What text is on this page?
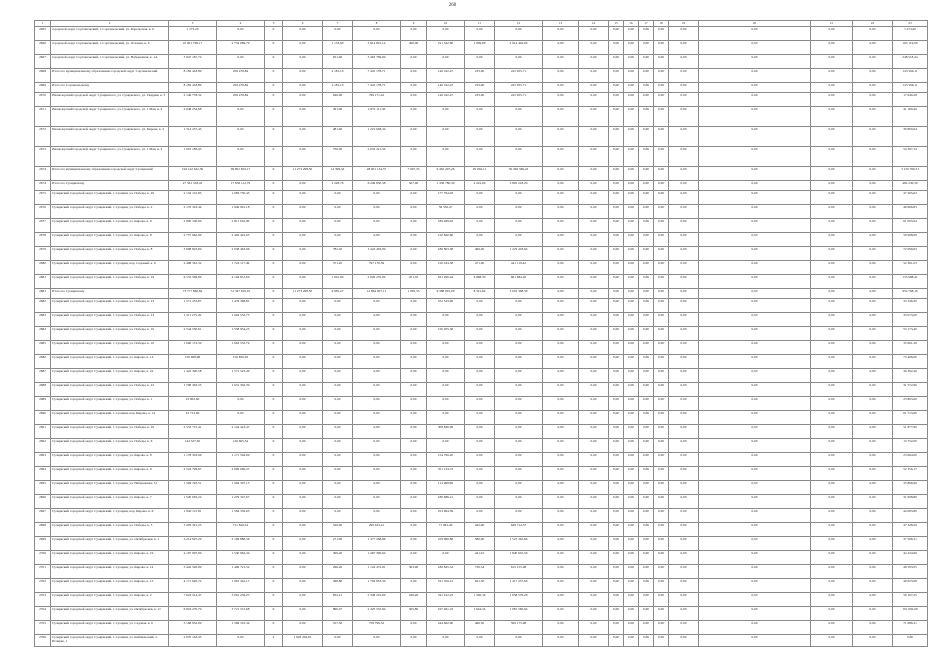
260
1	2	3	4	5	6	7	8	9	10	11	12	13	14	15	16	17	18	19	20	21	22	23
2665	городской округ Сортавальский, г. Сортавальский, ул. Карельская, к. 6	1 273,20	0,00	0	0,00	0,00	0,00	0,00	0,00	0,00	0,00	0,00	0,00	0,00	0,00	0,00	0,00	0,00	0,00	0,00	0,00	1 273,20
2666	городской округ Сортавальский, г. Сортавальский, ул. Отечная, к. 6	10 601 796,17	2 734 069,79	0	0,00	1 153,90	3 914 801,14	496,00	191 342,60	1 609,00	2 914 402,00	0,00	0,00	0,00	0,00	0,00	0,00	0,00	0,00	0,00	0,00	165 119,00
2667	городской округ Сортавальский, г. Сортавальский, ул. Набережная, к. 1А	3 947 167,72	0,00	0	0,00	951,00	3 463 769,69	0,00	0,00	0,00	0,00	0,00	0,00	0,00	0,00	0,00	0,00	0,00	0,00	0,00	0,00	248 518,24
2668	Итого по муниципальному образованию городской округ Сортавальский	8 182 418,89	256 479,84	0	0,00	2 181,10	7 422 178,71	0,00	146 162,47	233,00	222 955,71	0,00	0,00	0,00	0,00	0,00	0,00	0,00	0,00	0,00	0,00	143 566,11
2669	Итого по Сортавальскому	8 182 418,89	256 479,84	0	0,00	2 181,10	7 422 178,71	0,00	146 162,47	233,00	222 955,71	0,00	0,00	0,00	0,00	0,00	0,00	0,00	0,00	0,00	0,00	143 566,11
2670	Пиляозерский городской округ Суоярвского, ул. Суоярвского, ул. Гвардия, к. 3	2 146 778,32	256 479,84	0	0,00	940,00	799 171,42	0,00	146 162,47	233,00	222 955,71	0,00	0,00	0,00	0,00	0,00	0,00	0,00	0,00	0,00	0,00	17 649,28
2671	Пиляозерский городской округ Суоярвского, ул. Суоярвского, ул. 1 Мая, к. 2	2 048 254,68	0,00	0	0,00	391,90	2 972 111,30	0,00	0,00	0,00	0,00	0,00	0,00	0,00	0,00	0,00	0,00	0,00	0,00	0,00	0,00	41 189,40
2672	Пиляозерский городской округ Суоярвского, ул. Суоярвского, ул. Кирова, к. 5	1 314 237,43	0,00	0	0,00	481,00	1 219 048,34	0,00	0,00	0,00	0,00	0,00	0,00	0,00	0,00	0,00	0,00	0,00	0,00	0,00	0,00	30 800,64
2673	Пиляозерский городской округ Суоярвского, ул. Суоярвского, ул. 1 Мая, к. 3	1 091 185,43	0,00	0	0,00	756,00	2 032 221,34	0,00	0,00	0,00	0,00	0,00	0,00	0,00	0,00	0,00	0,00	0,00	0,00	0,00	0,00	54 367,34
2674	Итого по муниципальному образованию городской округ Суоярвский	194 142 622,39	99 891 602,17	0	11 273 298,50	14 399,34	48 601 134,57	7 097,35	9 481 297,26	29 902,11	30 269 369,22	0,00	0,00	0,00	0,00	0,00	0,00	0,00	0,00	0,00	0,00	3 150 766,31
2674	Итого по Суоярвскому	27 561 318,43	17 856 112,79	0	0,00	2 228,76	6 249 850,38	507,00	1 456 780,39	2 222,00	3 895 218,20	0,00	0,00	0,00	0,00	0,00	0,00	0,00	0,00	0,00	0,00	482 230,59
2675	Суоярвский городской округ Суоярвский, г. Суоярви, ул. Победы, к. 20	2 134 101,83	1 083 730,45	0	0,00	0,00	0,00	0,00	177 794,92	0,00	0,00	0,00	0,00	0,00	0,00	0,00	0,00	0,00	0,00	0,00	0,00	47 265,02
2676	Суоярвский городской округ Суоярвский, г. Суоярви, ул. Победы, к. 2	2 170 343,44	1 949 991,18	0	0,00	0,00	0,00	0,00	39 550,47	0,00	0,00	0,00	0,00	0,00	0,00	0,00	0,00	0,00	0,00	0,00	0,00	46 666,83
2677	Суоярвский городской округ Суоярвский, г. Суоярви, ул. Кирова, к. 9	2 800 100,00	2 811 916,00	0	0,00	0,00	0,00	0,00	189 499,92	0,00	0,00	0,00	0,00	0,00	0,00	0,00	0,00	0,00	0,00	0,00	0,00	61 005,64
2678	Суоярвский городской округ Суоярвский, г. Суоярви, ул. Кирова, к. 8	2 757 962,90	2 493 422,65	0	0,00	0,00	0,00	0,00	150 840,60	0,00	0,00	0,00	0,00	0,00	0,00	0,00	0,00	0,00	0,00	0,00	0,00	59 998,09
2679	Суоярвский городской округ Суоярвский, г. Суоярви, ул. Победы, к. 8	3 098 823,69	2 038 463,96	0	0,00	782,20	1 424 403,09	0,00	186 803,38	496,00	1 225 418,64	0,00	0,00	0,00	0,00	0,00	0,00	0,00	0,00	0,00	0,00	72 099,63
2680	Суоярвский городской округ Суоярвский, г. Суоярви, пер. Садовый, к. 6	2 408 361,32	1 724 117,49	0	0,00	371,20	797 176,59	0,00	150 434,38	471,00	441 119,42	0,00	0,00	0,00	0,00	0,00	0,00	0,00	0,00	0,00	0,00	52 361,03
2681	Суоярвский городской округ Суоярвский, г. Суоярви, ул. Победы, к. 19	6 155 569,69	4 194 851,60	0	0,00	1 091,90	2 026 270,94	451,35	631 290,44	6 868,30	661 684,20	0,00	0,00	0,00	0,00	0,00	0,00	0,00	0,00	0,00	0,00	133 688,41
2681	Итого по Суоярвскому	73 777 866,84	51 347 816,10	0	11 273 298,50	9 965,27	12 864 907,11	1 095,35	9 388 091,09	8 321,84	3 016 368,39	0,00	0,00	0,00	0,00	0,00	0,00	0,00	0,00	0,00	0,00	954 768,19
2682	Суоярвский городской округ Суоярвский, г. Суоярви, ул. Победы, к. 23	1 571 253,87	1 479 398,81	0	0,00	0,00	0,00	0,00	102 543,96	0,00	0,00	0,00	0,00	0,00	0,00	0,00	0,00	0,00	0,00	0,00	0,00	33 346,30
2683	Суоярвский городской округ Суоярвский, г. Суоярви, ул. Победы, к. 14	1 511 275,20	1 604 532,75	0	0,00	0,00	0,00	0,00	0,00	0,00	0,00	0,00	0,00	0,00	0,00	0,00	0,00	0,00	0,00	0,00	0,00	33 073,00
2684	Суоярвский городской округ Суоярвский, г. Суоярви, ул. Победы, к. 10	2 544 550,61	1 558 954,25	0	0,00	0,00	0,00	0,00	150 205,36	0,00	0,00	0,00	0,00	0,00	0,00	0,00	0,00	0,00	0,00	0,00	0,00	53 173,40
2685	Суоярвский городской округ Суоярвский, г. Суоярви, ул. Победы, к. 10	1 600 172,50	1 663 555,74	0	0,00	0,00	0,00	0,00	0,00	0,00	0,00	0,00	0,00	0,00	0,00	0,00	0,00	0,00	0,00	0,00	0,00	35 601,30
2686	Суоярвский городской округ Суоярвский, г. Суоярви, ул. Кирова, к. 14	156 698,98	156 850,93	0	0,00	0,00	0,00	0,00	0,00	0,00	0,00	0,00	0,00	0,00	0,00	0,00	0,00	0,00	0,00	0,00	0,00	73 406,00
2687	Суоярвский городской округ Суоярвский, г. Суоярви, ул. Кирова, к. 22	1 423 390,58	1 571 523,49	0	0,00	0,00	0,00	0,00	0,00	0,00	0,00	0,00	0,00	0,00	0,00	0,00	0,00	0,00	0,00	0,00	0,00	39 392,40
2688	Суоярвский городской округ Суоярвский, г. Суоярви, ул. Победы, к. 22	1 796 363,25	1 631 302,39	0	0,00	0,00	0,00	0,00	0,00	0,00	0,00	0,00	0,00	0,00	0,00	0,00	0,00	0,00	0,00	0,00	0,00	31 572,90
2689	Суоярвский городской округ Суоярвский, г. Суоярви, ул. Победы, к. 1	23 863,60	0,00	0	0,00	0,00	0,00	0,00	0,00	0,00	0,00	0,00	0,00	0,00	0,00	0,00	0,00	0,00	0,00	0,00	0,00	23 863,60
2690	Суоярвский городской округ Суоярвский, г. Суоярви, пер. Кирова, к. 14	61 713,60	0,00	0	0,00	0,00	0,00	0,00	0,00	0,00	0,00	0,00	0,00	0,00	0,00	0,00	0,00	0,00	0,00	0,00	0,00	61 713,60
2691	Суоярвский городской округ Суоярвский, г. Суоярви, ул. Победы, к. 16	2 532 715,41	2 144 423,47	0	0,00	0,00	0,00	0,00	308 840,96	0,00	0,00	0,00	0,00	0,00	0,00	0,00	0,00	0,00	0,00	0,00	0,00	51 877,90
2692	Суоярвский городской округ Суоярвский, г. Суоярви, ул. Победы, к. 6	144 527,65	126 605,54	0	0,00	0,00	0,00	0,00	0,00	0,00	0,00	0,00	0,00	0,00	0,00	0,00	0,00	0,00	0,00	0,00	0,00	13 752,00
2693	Суоярвский городской округ Суоярвский, г. Суоярви, ул. Кирова, к. 8	1 178 303,96	1 171 594,09	0	0,00	0,00	0,00	0,00	154 799,20	0,00	0,00	0,00	0,00	0,00	0,00	0,00	0,00	0,00	0,00	0,00	0,00	23 664,00
2694	Суоярвский городской округ Суоярвский, г. Суоярви, ул. Кирова, к. 9	2 524 799,97	2 009 060,27	0	0,00	0,00	0,00	0,00	351 134,72	0,00	0,00	0,00	0,00	0,00	0,00	0,00	0,00	0,00	0,00	0,00	0,00	52 356,17
2695	Суоярвский городской округ Суоярвский, г. Суоярви, ул. Набережная, 31	1 509 193,51	1 594 307,15	0	0,00	0,00	0,00	0,00	114 998,96	0,00	0,00	0,00	0,00	0,00	0,00	0,00	0,00	0,00	0,00	0,00	0,00	33 866,90
2696	Суоярвский городской округ Суоярвский, г. Суоярви, ул. Кирова, к. 7	1 520 063,22	1 279 347,67	0	0,00	0,00	0,00	0,00	180 686,21	0,00	0,00	0,00	0,00	0,00	0,00	0,00	0,00	0,00	0,00	0,00	0,00	31 908,80
2697	Суоярвский городской округ Суоярвский, г. Суоярви, пер. Кирова, к. 6	1 840 115,81	1 584 359,63	0	0,00	0,00	0,00	0,00	253 694,39	0,00	0,00	0,00	0,00	0,00	0,00	0,00	0,00	0,00	0,00	0,00	0,00	44 083,80
2698	Суоярвский городской округ Суоярвский, г. Суоярви, ул. Победы, к. 3	3 205 321,23	711 826,54	0	0,00	526,00	290 633,41	0,00	71 061,46	445,00	649 714,37	0,00	0,00	0,00	0,00	0,00	0,00	0,00	0,00	0,00	0,00	47 328,59
2699	Суоярвский городской округ Суоярвский, г. Суоярви, ул. Октябрьская, к. 1	3 214 907,29	2 199 886,56	0	0,00	271,00	1 377 268,96	0,00	109 966,86	586,00	1 527 365,66	0,00	0,00	0,00	0,00	0,00	0,00	0,00	0,00	0,00	0,00	37 566,31
2700	Суоярвский городской округ Суоярвский, г. Суоярви, ул. Кирова, к. 19	4 197 097,90	1 530 962,34	0	0,00	399,20	1 467 390,62	0,00	0,00	441,91	1 840 610,59	0,00	0,00	0,00	0,00	0,00	0,00	0,00	0,00	0,00	0,00	44 434,90
2701	Суоярвский городской округ Суоярвский, г. Суоярви, ул. Кирова, к. 14	3 442 520,99	1 496 721,52	0	0,00	296,20	1 124 472,81	303,90	186 845,52	730,54	615 155,08	0,00	0,00	0,00	0,00	0,00	0,00	0,00	0,00	0,00	0,00	46 593,05
2702	Суоярвский городской округ Суоярвский, г. Суоярви, ул. Кирова, к. 15	4 171 620,72	1 961 342,17	0	0,00	368,80	1 794 853,30	0,00	191 359,12	641,50	1 417 257,06	0,00	0,00	0,00	0,00	0,00	0,00	0,00	0,00	0,00	0,00	49 623,08
2703	Суоярвский городской округ Суоярвский, г. Суоярви, ул. Кирова, к. 2	7 622 514,47	3 061 256,23	0	0,00	852,21	2 348 216,90	436,40	541 912,23	1 540,34	1 058 576,29	0,00	0,00	0,00	0,00	0,00	0,00	0,00	0,00	0,00	0,00	50 167,25
2704	Суоярвский городской округ Суоярвский, г. Суоярви, ул. Октябрьская, к. 11	6 824 270,79	3 721 515,68	0	0,00	890,07	2 425 535,84	305,80	197 491,19	1 644,34	1 981 560,64	0,00	0,00	0,00	0,00	0,00	0,00	0,00	0,00	0,00	0,00	101 092,09
2705	Суоярвский городской округ Суоярвский, г. Суоярви, ул. Садовая, к. 6	3 168 952,09	1 599 510,34	0	0,00	557,30	758 799,32	0,00	244 662,00	466,50	599 175,98	0,00	0,00	0,00	0,00	0,00	0,00	0,00	0,00	0,00	0,00	71 686,31
2706	Суоярвский городской округ Суоярвский, г. Суоярви, ул. Кайпильский, л. Исаврка, 1	2 070 163,45	0,00	2	1 903 204,81	0,00	0,00	0,00	0,00	0,00	0,00	0,00	0,00	0,00	0,00	0,00	0,00	0,00	0,00	0,00	0,00	0,00
